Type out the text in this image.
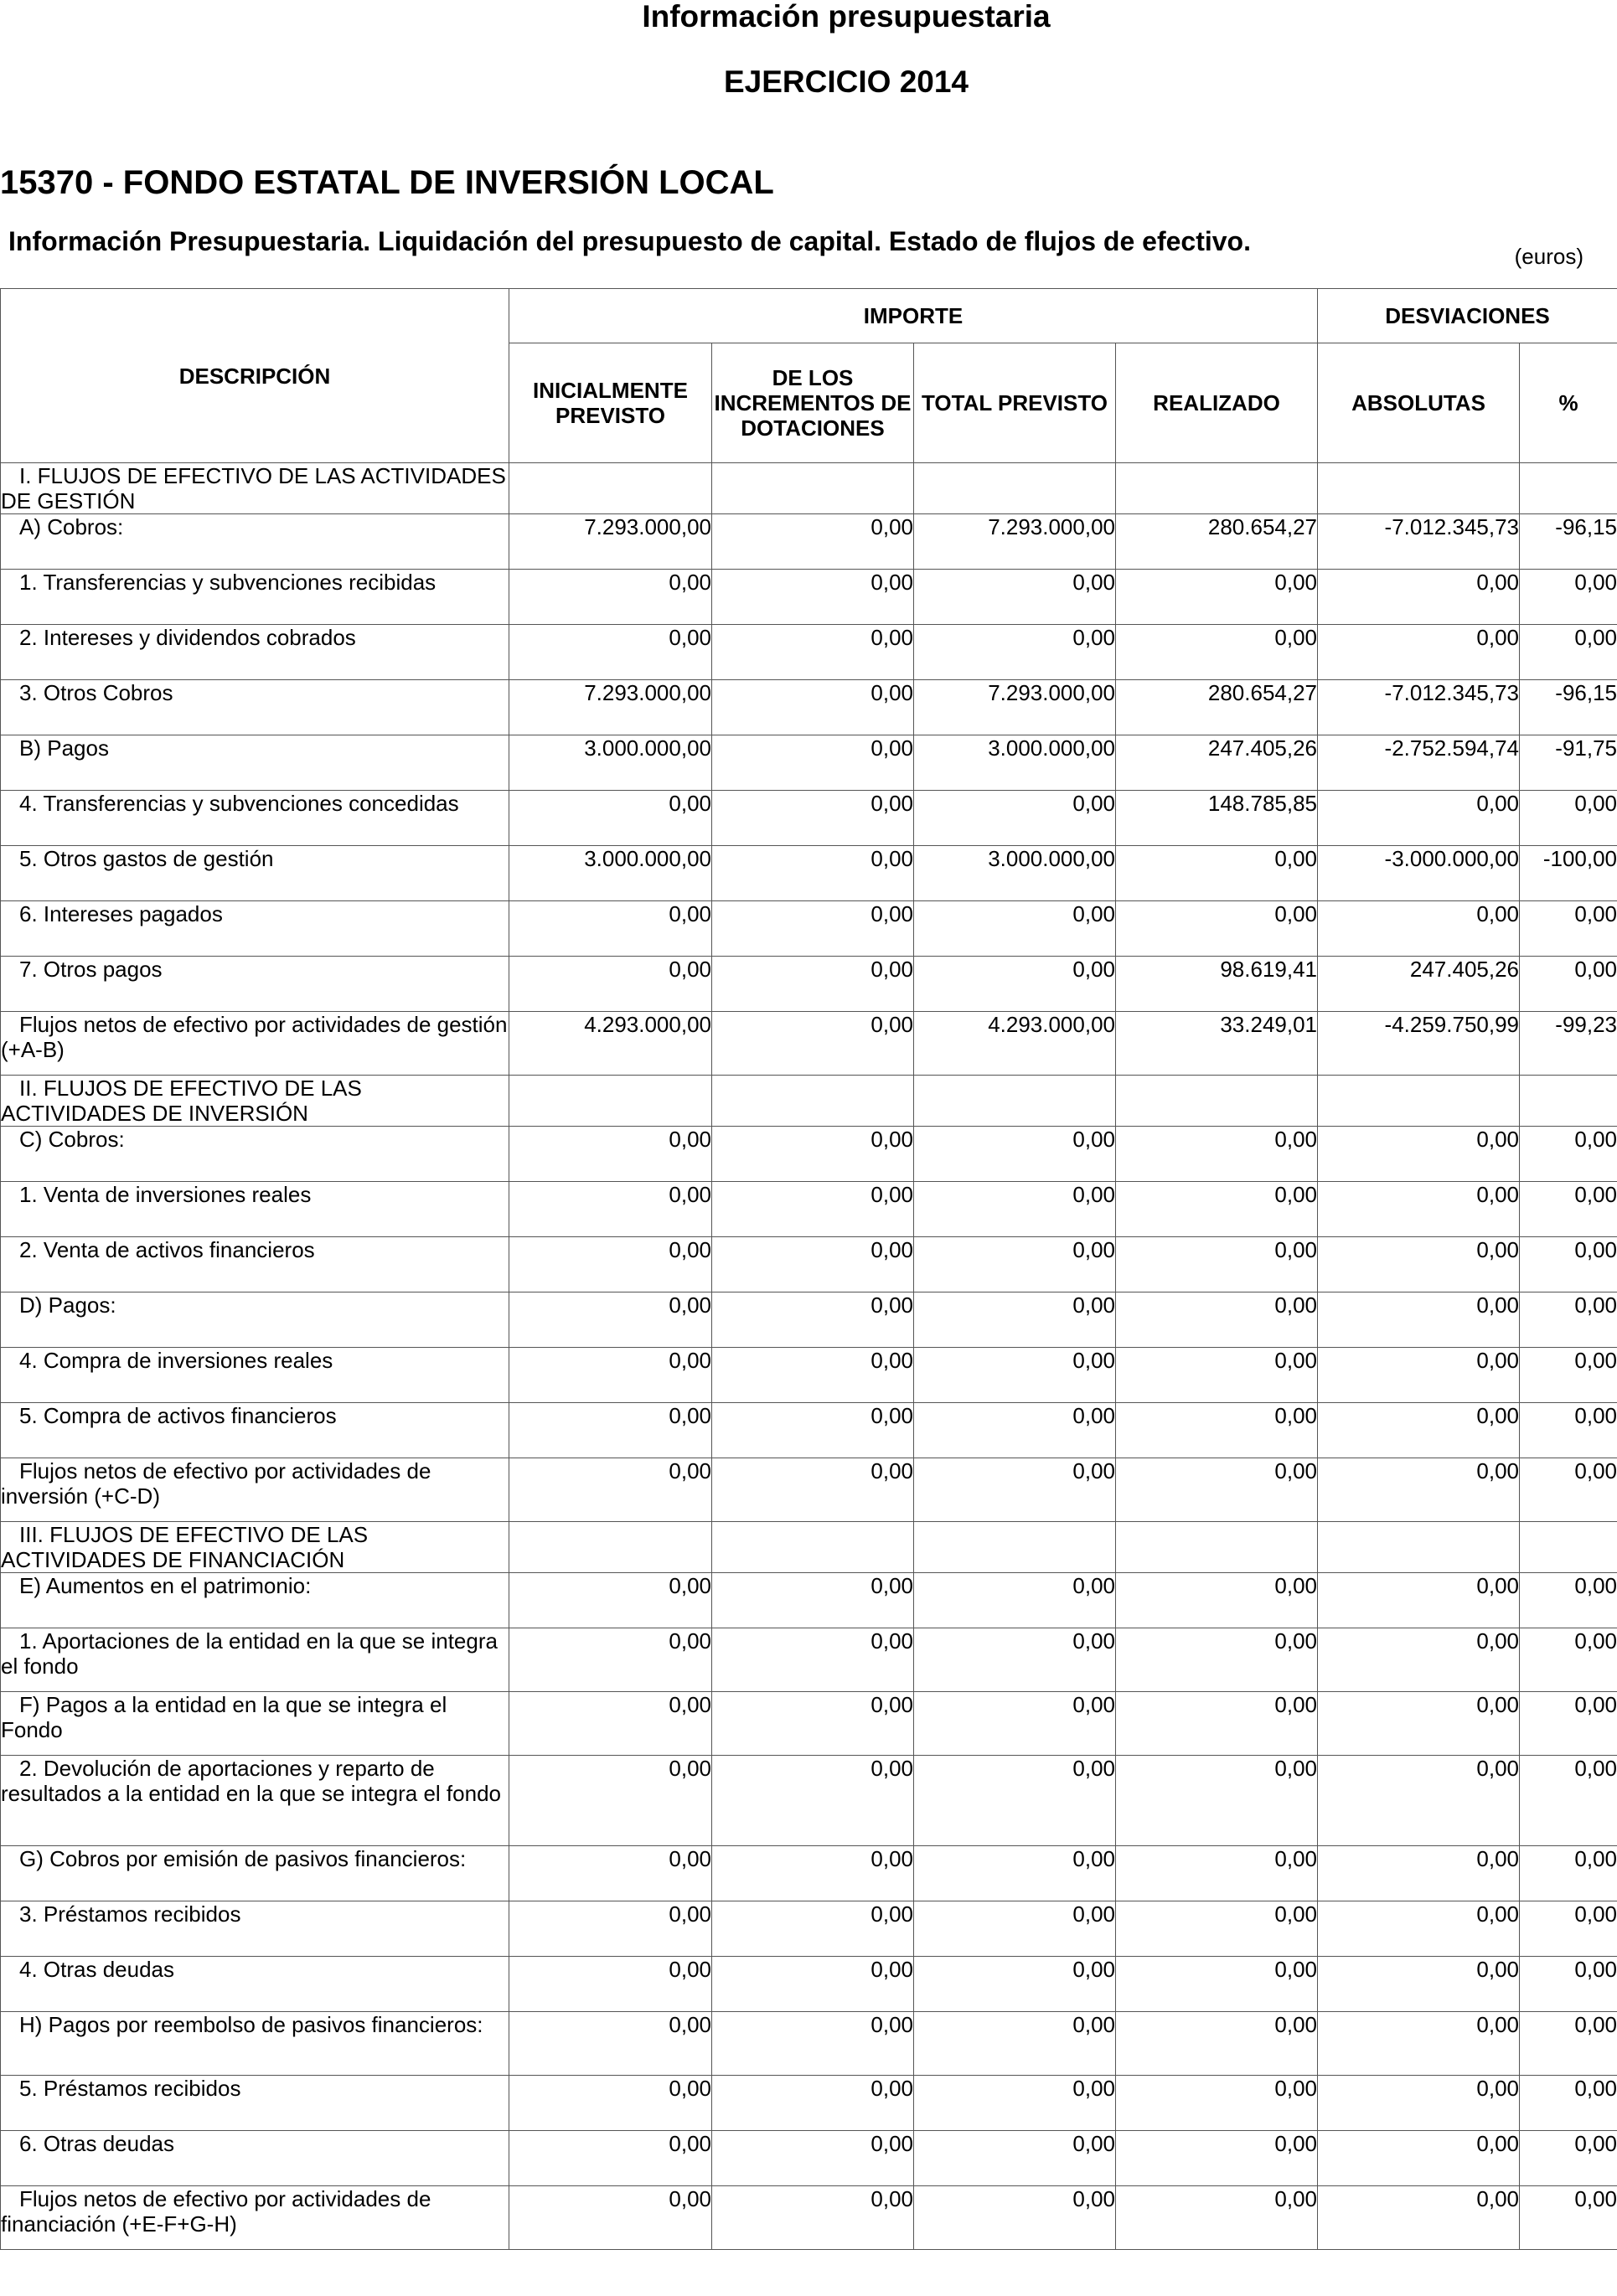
Información presupuestaria
EJERCICIO 2014
15370 - FONDO ESTATAL DE INVERSIÓN LOCAL
Información Presupuestaria. Liquidación del presupuesto de capital. Estado de flujos de efectivo.	(euros)
DESCRIPCIÓN	IMPORTE				DESVIACIONES	
	INICIALMENTE PREVISTO	DE LOS INCREMENTOS DE DOTACIONES	TOTAL PREVISTO	REALIZADO	ABSOLUTAS	%
I. FLUJOS DE EFECTIVO DE LAS ACTIVIDADES DE GESTIÓN						
A) Cobros:	7.293.000,00	0,00	7.293.000,00	280.654,27	-7.012.345,73	-96,15
1. Transferencias y subvenciones recibidas	0,00	0,00	0,00	0,00	0,00	0,00
2. Intereses y dividendos cobrados	0,00	0,00	0,00	0,00	0,00	0,00
3. Otros Cobros	7.293.000,00	0,00	7.293.000,00	280.654,27	-7.012.345,73	-96,15
B) Pagos	3.000.000,00	0,00	3.000.000,00	247.405,26	-2.752.594,74	-91,75
4. Transferencias y subvenciones concedidas	0,00	0,00	0,00	148.785,85	0,00	0,00
5. Otros gastos de gestión	3.000.000,00	0,00	3.000.000,00	0,00	-3.000.000,00	-100,00
6. Intereses pagados	0,00	0,00	0,00	0,00	0,00	0,00
7. Otros pagos	0,00	0,00	0,00	98.619,41	247.405,26	0,00
Flujos netos de efectivo por actividades de gestión (+A-B)	4.293.000,00	0,00	4.293.000,00	33.249,01	-4.259.750,99	-99,23
II. FLUJOS DE EFECTIVO DE LAS ACTIVIDADES DE INVERSIÓN						
C) Cobros:	0,00	0,00	0,00	0,00	0,00	0,00
1. Venta de inversiones reales	0,00	0,00	0,00	0,00	0,00	0,00
2. Venta de activos financieros	0,00	0,00	0,00	0,00	0,00	0,00
D) Pagos:	0,00	0,00	0,00	0,00	0,00	0,00
4. Compra de inversiones reales	0,00	0,00	0,00	0,00	0,00	0,00
5. Compra de activos financieros	0,00	0,00	0,00	0,00	0,00	0,00
Flujos netos de efectivo por actividades de inversión (+C-D)	0,00	0,00	0,00	0,00	0,00	0,00
III. FLUJOS DE EFECTIVO DE LAS ACTIVIDADES DE FINANCIACIÓN						
E) Aumentos en el patrimonio:	0,00	0,00	0,00	0,00	0,00	0,00
1. Aportaciones de la entidad en la que se integra el fondo	0,00	0,00	0,00	0,00	0,00	0,00
F) Pagos a la entidad en la que se integra el Fondo	0,00	0,00	0,00	0,00	0,00	0,00
2. Devolución de aportaciones y reparto de resultados a la entidad en la que se integra el fondo	0,00	0,00	0,00	0,00	0,00	0,00
G) Cobros por emisión de pasivos financieros:	0,00	0,00	0,00	0,00	0,00	0,00
3. Préstamos recibidos	0,00	0,00	0,00	0,00	0,00	0,00
4. Otras deudas	0,00	0,00	0,00	0,00	0,00	0,00
H) Pagos por reembolso de pasivos financieros:	0,00	0,00	0,00	0,00	0,00	0,00
5. Préstamos recibidos	0,00	0,00	0,00	0,00	0,00	0,00
6. Otras deudas	0,00	0,00	0,00	0,00	0,00	0,00
Flujos netos de efectivo por actividades de financiación (+E-F+G-H)	0,00	0,00	0,00	0,00	0,00	0,00
